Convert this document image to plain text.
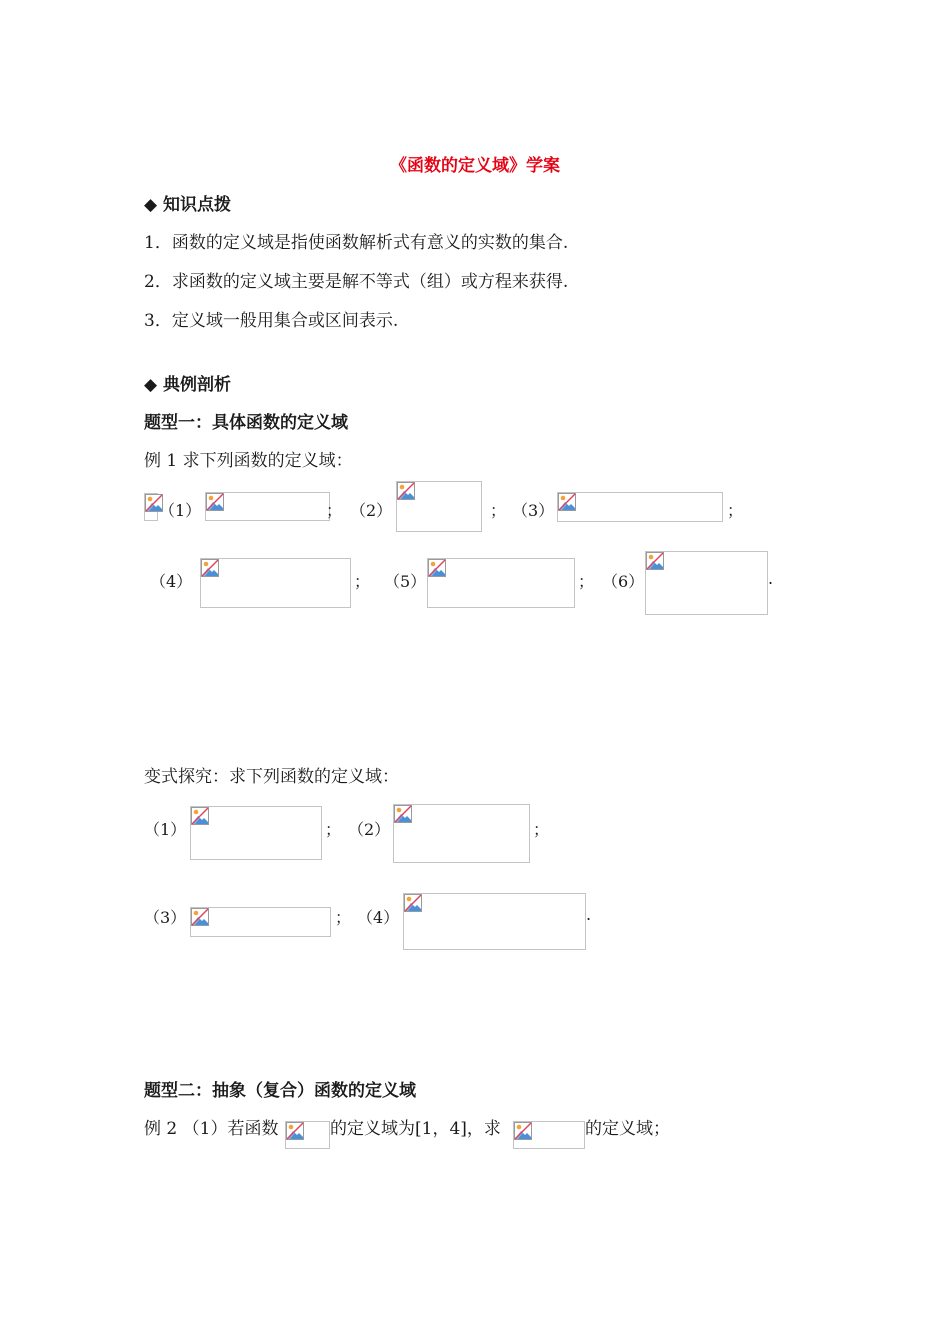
《函数的定义域》学案
◆ 知识点拨
1．函数的定义域是指使函数解析式有意义的实数的集合.
2．求函数的定义域主要是解不等式（组）或方程来获得.
3．定义域一般用集合或区间表示.
◆ 典例剖析
题型一：具体函数的定义域
例 1 求下列函数的定义域：
（1）	； （2）	； （3）	；
（4）	； （5）	； （6）	.
变式探究：求下列函数的定义域：
（1）	； （2）	；
（3）	； （4）	.
题型二：抽象（复合）函数的定义域
例 2 （1）若函数	的定义域为[1，4]，求	的定义域；
